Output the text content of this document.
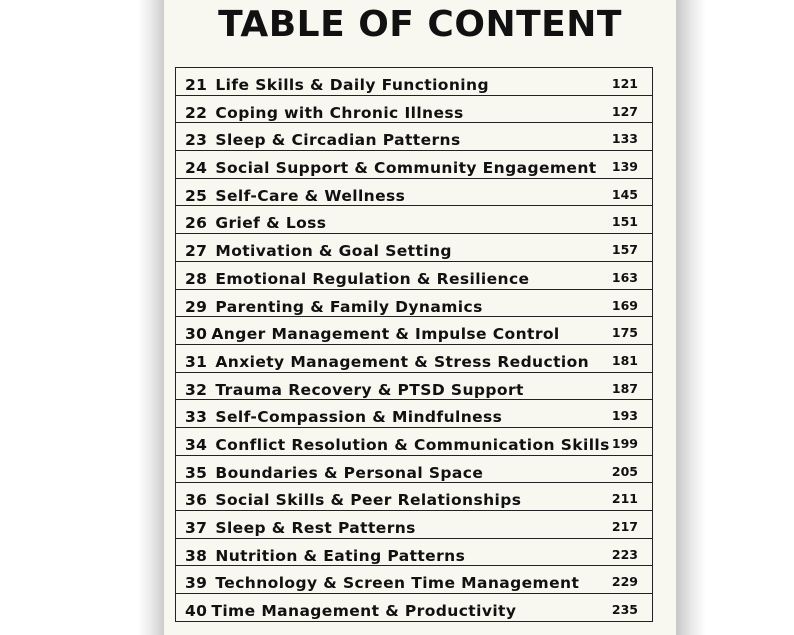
TABLE OF CONTENT
21 Life Skills & Daily Functioning	121
22 Coping with Chronic Illness	127
23 Sleep & Circadian Patterns	133
24 Social Support & Community Engagement 139
25 Self-Care & Wellness	145
26 Grief & Loss	151
27 Motivation & Goal Setting	157
28 Emotional Regulation & Resilience	163
29 Parenting & Family Dynamics	169
30 Anger Management & Impulse Control	175
31 Anxiety Management & Stress Reduction 181
32 Trauma Recovery & PTSD Support	187
33 Self-Compassion & Mindfulness	193
34 Conflict Resolution & Communication Skills 199
35 Boundaries & Personal Space	205
36 Social Skills & Peer Relationships	211
37 Sleep & Rest Patterns	217
38 Nutrition & Eating Patterns	223
39 Technology & Screen Time Management	229
40 Time Management & Productivity	235
